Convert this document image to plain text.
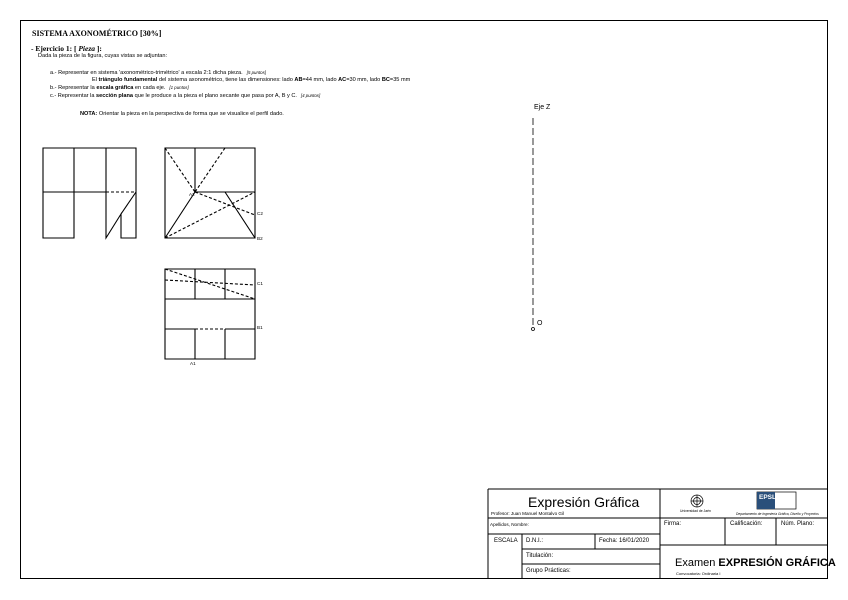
SISTEMA AXONOMÉTRICO [30%]
- Ejercicio 1: [ Pieza ]:
Dada la pieza de la figura, cuyas vistas se adjuntan:
a.- Representar en sistema 'axonométrico-trimétrico' a escala 2:1 dicha pieza. [5 puntos]
El triángulo fundamental del sistema axonométrico, tiene las dimensiones: lado AB=44 mm, lado AC=30 mm, lado BC=35 mm
b.- Representar la escala gráfica en cada eje. [1 puntos]
c.- Representar la sección plana que le produce a la pieza el plano secante que pasa por A, B y C. [4 puntos]
NOTA: Orientar la pieza en la perspectiva de forma que se visualice el perfil dado.
A2
C2
B2
C1
B1
A1
Eje Z
O
Expresión Gráfica
Profesor: Juan Manuel Montalvo Gil	Universidad de Jaén
EPSL
Departamento de Ingeniería Gráfica, Diseño y Proyectos
Apellidos, Nombre:	Firma:	Calificación:	Núm. Plano:
ESCALA D.N.I.:	Fecha: 16/01/2020
Titulación:
Grupo Prácticas:
Examen EXPRESIÓN GRÁFICA
Convocatoria: Ordinaria I
